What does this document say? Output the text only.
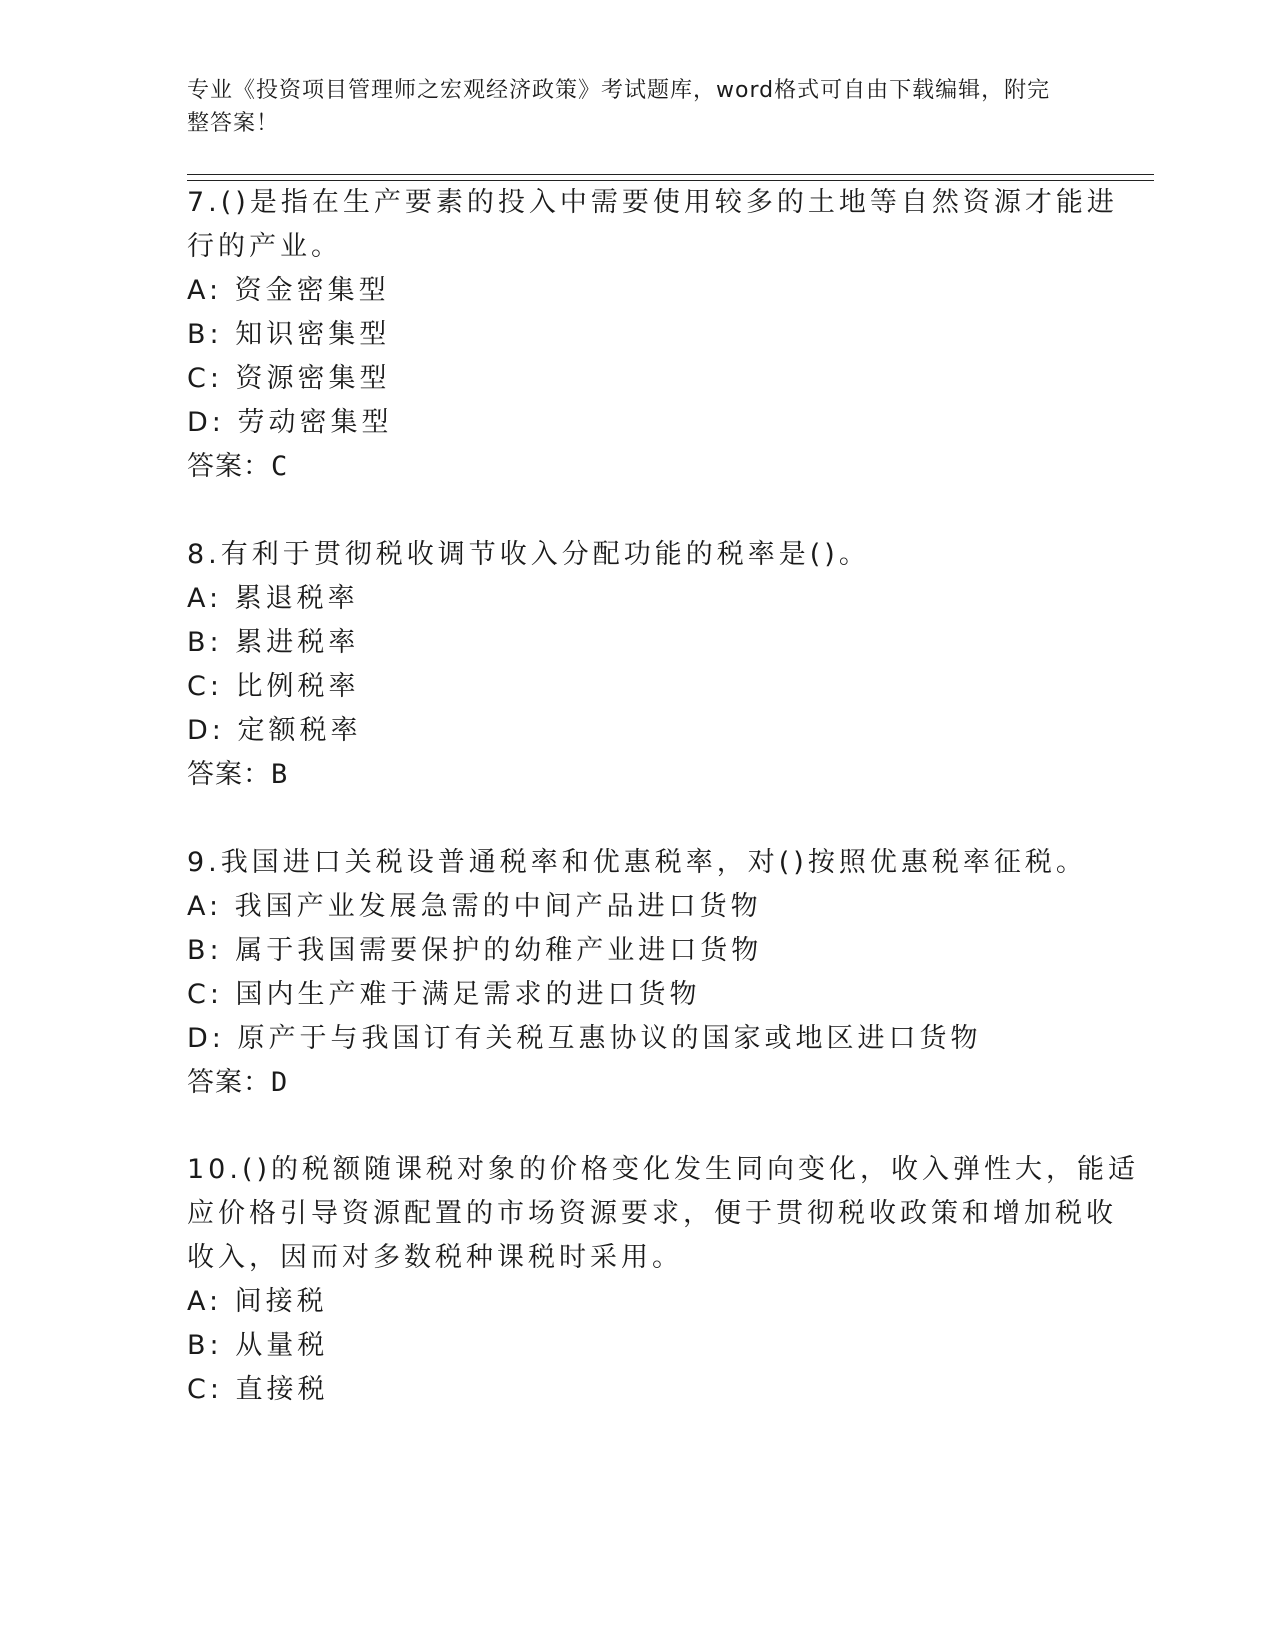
专业《投资项目管理师之宏观经济政策》考试题库，word格式可自由下载编辑，附完整答案！
7.()是指在生产要素的投入中需要使用较多的土地等自然资源才能进
行的产业。
A: 资金密集型
B: 知识密集型
C: 资源密集型
D: 劳动密集型
答案：C
8.有利于贯彻税收调节收入分配功能的税率是()。
A: 累退税率
B: 累进税率
C: 比例税率
D: 定额税率
答案：B
9.我国进口关税设普通税率和优惠税率，对()按照优惠税率征税。
A: 我国产业发展急需的中间产品进口货物
B: 属于我国需要保护的幼稚产业进口货物
C: 国内生产难于满足需求的进口货物
D: 原产于与我国订有关税互惠协议的国家或地区进口货物
答案：D
10.()的税额随课税对象的价格变化发生同向变化，收入弹性大，能适
应价格引导资源配置的市场资源要求，便于贯彻税收政策和增加税收
收入，因而对多数税种课税时采用。
A: 间接税
B: 从量税
C: 直接税
